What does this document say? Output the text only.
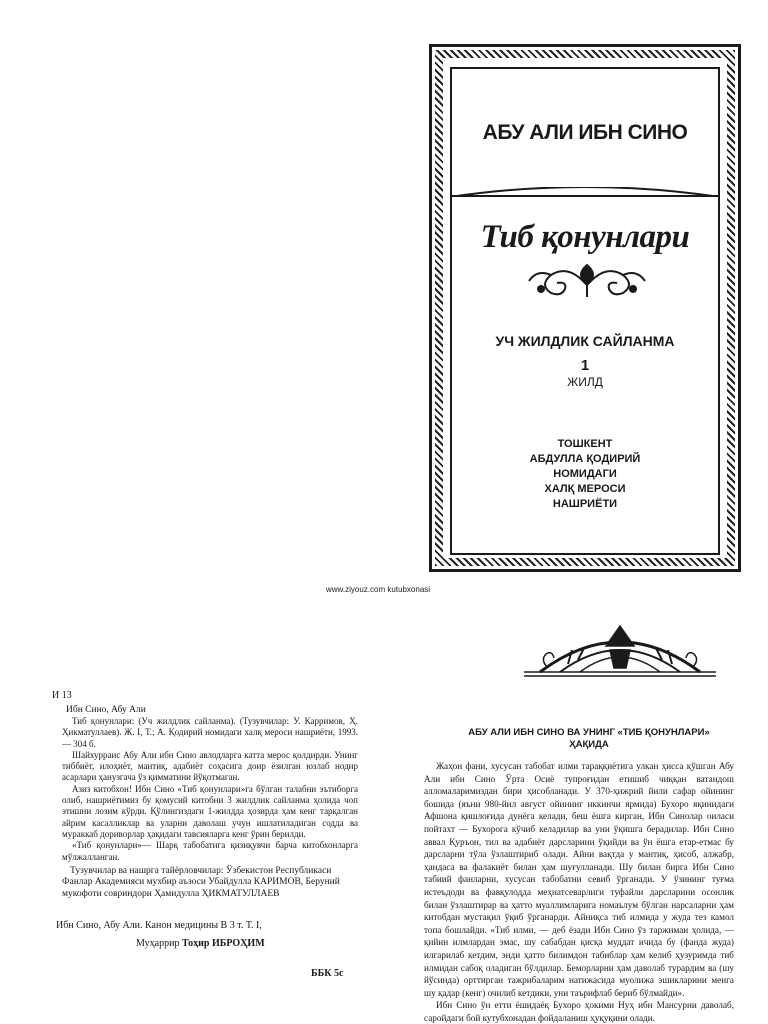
АБУ АЛИ ИБН СИНО
Тиб қонунлари
УЧ ЖИЛДЛИК САЙЛАНМА
1
ЖИЛД
ТОШКЕНТ
АБДУЛЛА ҚОДИРИЙ
НОМИДАГИ
ХАЛҚ МЕРОСИ
НАШРИЁТИ
www.ziyouz.com kutubxonasi
И 13
Ибн Сино, Абу Али

Тиб қонунлари: (Уч жилдлик сайланма). (Тузувчилар: У. Карримов, Ҳ. Ҳикматуллаев). Ж. I, Т.; А. Қодирий номидаги халқ мероси нашриёти, 1993.— 304 б.

Шайхурраис Абу Али ибн Сино авлодларга катта мерос қолдирди. Унинг тиббиёт, илоҳиёт, мантиқ, адабиёт соҳасига доир ёзилган юзлаб нодир асарлари ҳанузгача ўз қимматини йўқотмаган.

Азиз китобхон! Ибн Сино «Тиб қонунлари»га бўлган талабни эътиборга олиб, нашриётимиз бу қомусий китобни 3 жилдлик сайланма ҳолида чоп этишни лозим кўрди. Қўлингиздаги 1-жилдда ҳозирда ҳам кенг тарқалган айрим касалликлар ва уларни даволаш учун ишлатиладиган содда ва мураккаб дориворлар ҳақидаги тавсияларга кенг ўрин берилди.

«Тиб қонунлари»— Шарқ табобатига қизиқувчи барча китобхонларга мўлжалланган.

Тузувчилар ва нашрга тайёрловчилар: Ўзбекистон Республикаси Фанлар Академияси мухбир аъзоси Убайдулла КАРИМОВ, Беруний мукофоти совриндори Ҳамидулла ҲИКМАТУЛЛАЕВ
Ибн Сино, Абу Али. Канон медицины В 3 т. Т. I,
Муҳаррир Тоҳир ИБРОҲИМ
ББК 5с
АБУ АЛИ ИБН СИНО ВА УНИНГ «ТИБ ҚОНУНЛАРИ»
ҲАҚИДА

Жаҳон фани, хусусан табобат илми тараққиётига улкан ҳисса қўшган Абу Али ибн Сино Ўрта Осиё тупроғидан етишиб чиққан ватандош алломаларимиздан бири ҳисобланади. У 370-ҳижрий йили сафар ойининг бошида (яъни 980-йил август ойининг иккинчи ярмида) Бухоро яқинидаги Афшона қишлоғида дунёга келади, беш ёшга кирган, Ибн Синолар оиласи пойтахт — Бухорога кўчиб келадилар ва уни ўқишга берадилар. Ибн Сино аввал Қуръон, тил ва адабиёт дарсларини ўқийди ва ўн ёшга етар-етмас бу дарсларни тўла ўзлаштириб олади. Айни вақтда у мантиқ, ҳисоб, алжабр, ҳандаса ва фалакиёт билан ҳам шуғулланади. Шу билан бирга Ибн Сино табиий фанларни, хусусан табобатни севиб ўрганади. У ўзининг туғма истеъдоди ва фавқулодда меҳнатсеварлиги туфайли дарсларини осонлик билан ўзлаштирар ва ҳатто муаллимларига номаълум бўлган нарсаларни ҳам китобдан мустақил ўқиб ўрганарди. Айниқса тиб илмида у жуда тез камол топа бошлайди. «Тиб илми, — деб ёзади Ибн Сино ўз таржимаи ҳолида, — қийин илмлардан эмас, шу сабабдан қисқа муддат ичида бу (фанда жуда) илгарилаб кетдим, энди ҳатто билимдон табиблар ҳам келиб ҳузуримда тиб илмидан сабоқ оладиган бўлдилар. Беморларни ҳам даволаб турардим ва (шу йўсинда) орттирган тажрибаларим натижасида муолижа эшикларини менга шу қадар (кенг) очилиб кетдики, уни таърифлаб бериб бўлмайди».

Ибн Сино ўн етти ёшидаёқ Бухоро ҳокими Нуҳ ибн Мансурни даволаб, саройдаги бой кутубхонадан фойдаланиш ҳуқуқини олади.
